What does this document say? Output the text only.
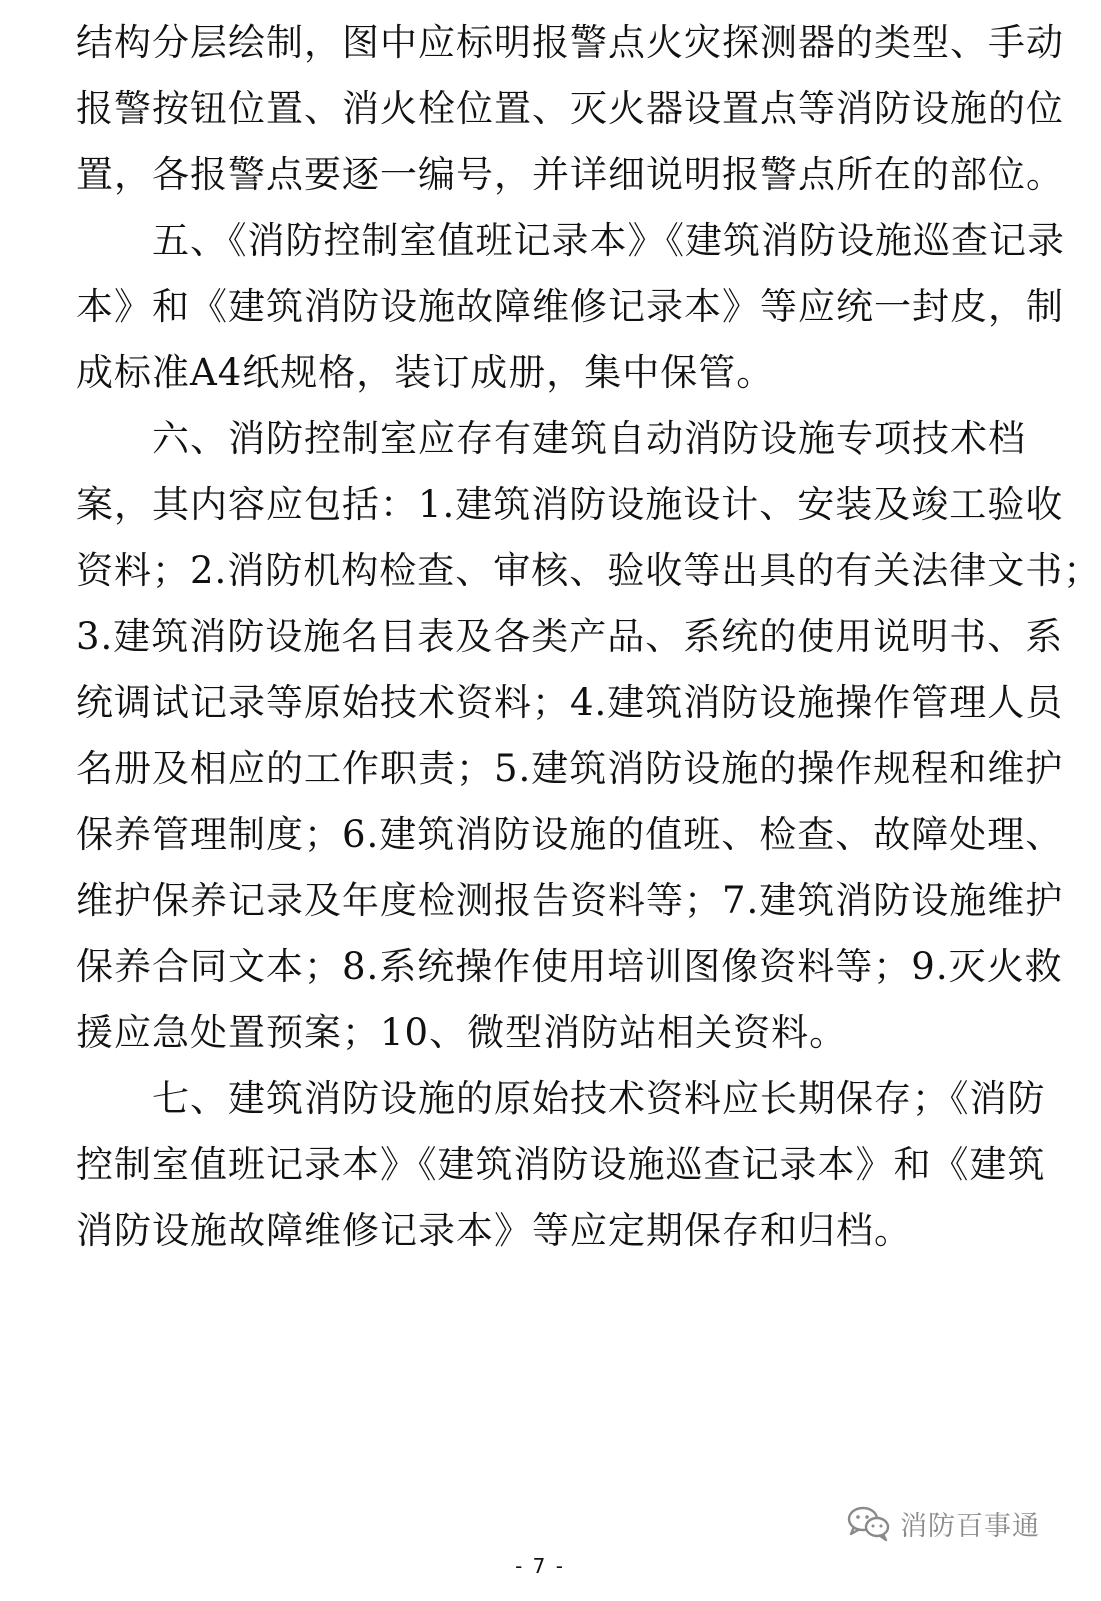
结构分层绘制，图中应标明报警点火灾探测器的类型、手动
报警按钮位置、消火栓位置、灭火器设置点等消防设施的位
置，各报警点要逐一编号，并详细说明报警点所在的部位。
　　五、《消防控制室值班记录本》《建筑消防设施巡查记录
本》和《建筑消防设施故障维修记录本》等应统一封皮，制
成标准A4纸规格，装订成册，集中保管。
　　六、消防控制室应存有建筑自动消防设施专项技术档
案，其内容应包括：1.建筑消防设施设计、安装及竣工验收
资料；2.消防机构检查、审核、验收等出具的有关法律文书；
3.建筑消防设施名目表及各类产品、系统的使用说明书、系
统调试记录等原始技术资料；4.建筑消防设施操作管理人员
名册及相应的工作职责；5.建筑消防设施的操作规程和维护
保养管理制度；6.建筑消防设施的值班、检查、故障处理、
维护保养记录及年度检测报告资料等；7.建筑消防设施维护
保养合同文本；8.系统操作使用培训图像资料等；9.灭火救
援应急处置预案；10、微型消防站相关资料。
　　七、建筑消防设施的原始技术资料应长期保存；《消防
控制室值班记录本》《建筑消防设施巡查记录本》和《建筑
消防设施故障维修记录本》等应定期保存和归档。
消防百事通
- 7 -
